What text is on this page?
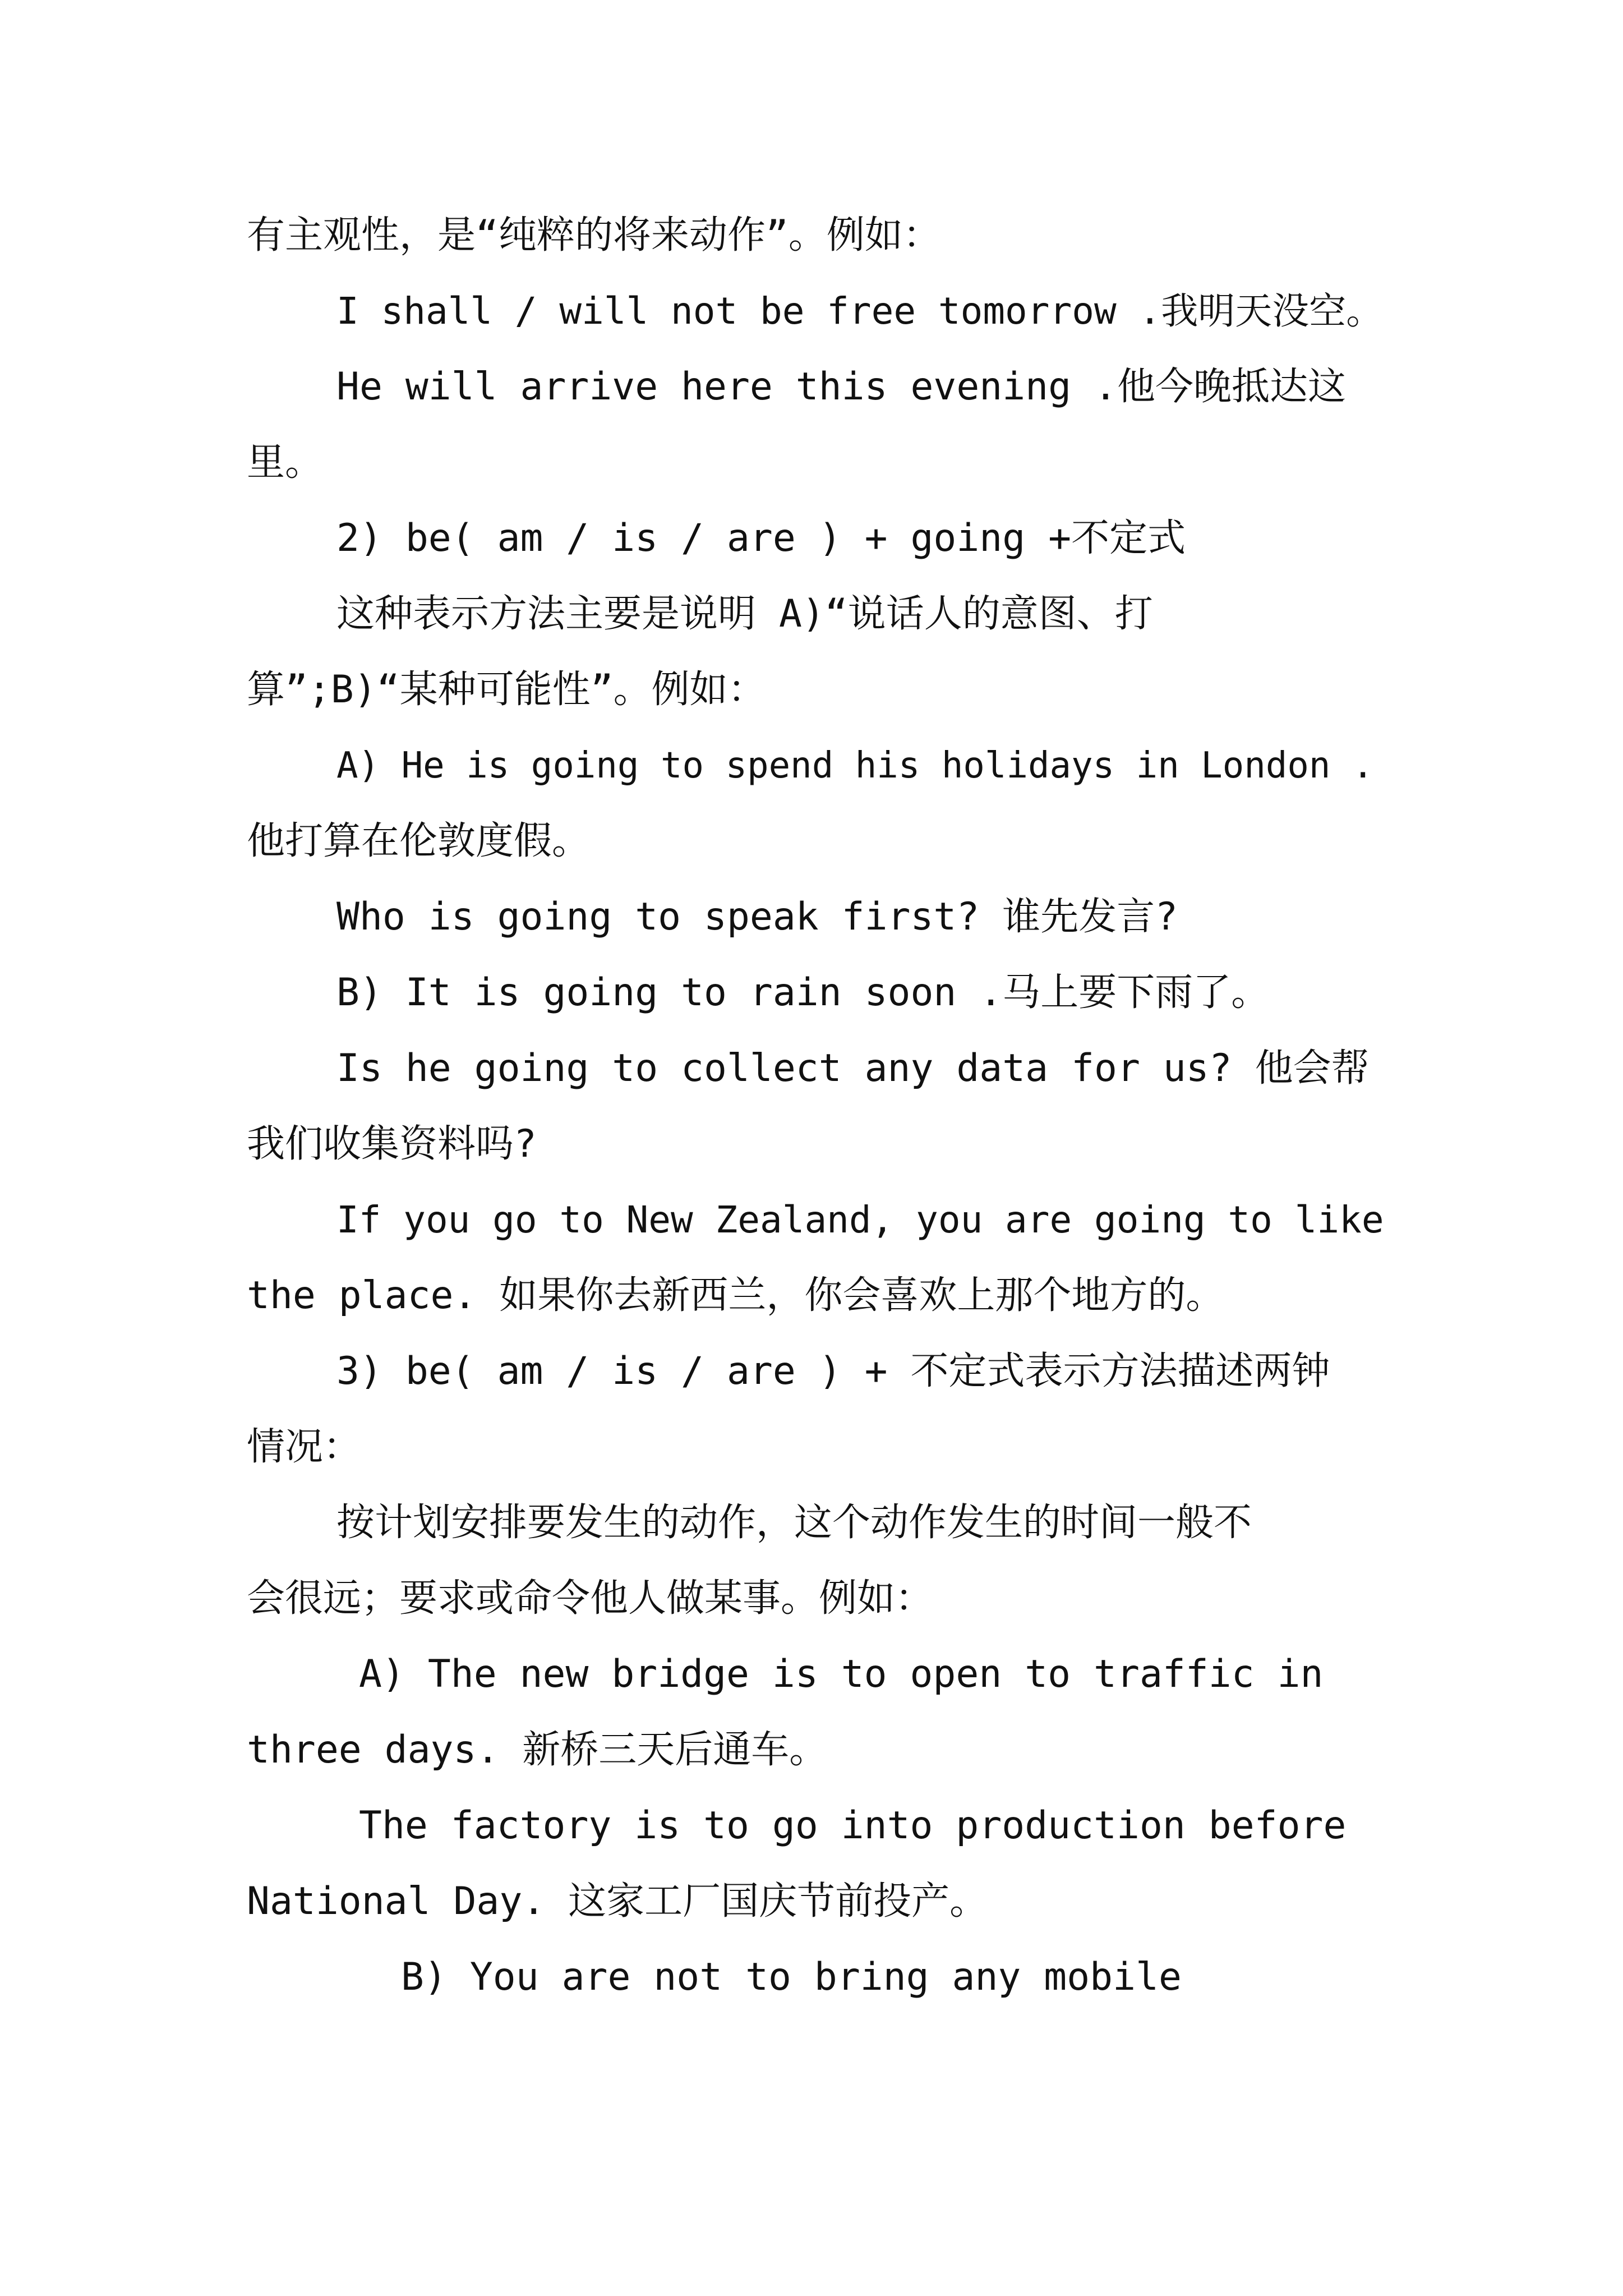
有主观性，是“纯粹的将来动作”。例如：
I shall / will not be free tomorrow .我明天没空。
He will arrive here this evening .他今晚抵达这
里。
2) be( am / is / are ) + going +不定式
这种表示方法主要是说明 A)“说话人的意图、打
算”;B)“某种可能性”。例如：
A) He is going to spend his holidays in London .
他打算在伦敦度假。
Who is going to speak first? 谁先发言?
B) It is going to rain soon .马上要下雨了。
Is he going to collect any data for us? 他会帮
我们收集资料吗?
If you go to New Zealand, you are going to like
the place. 如果你去新西兰，你会喜欢上那个地方的。
3) be( am / is / are ) + 不定式表示方法描述两钟
情况：
按计划安排要发生的动作，这个动作发生的时间一般不
会很远；要求或命令他人做某事。例如：
A) The new bridge is to open to traffic in
three days. 新桥三天后通车。
The factory is to go into production before
National Day. 这家工厂国庆节前投产。
B) You are not to bring any mobile
